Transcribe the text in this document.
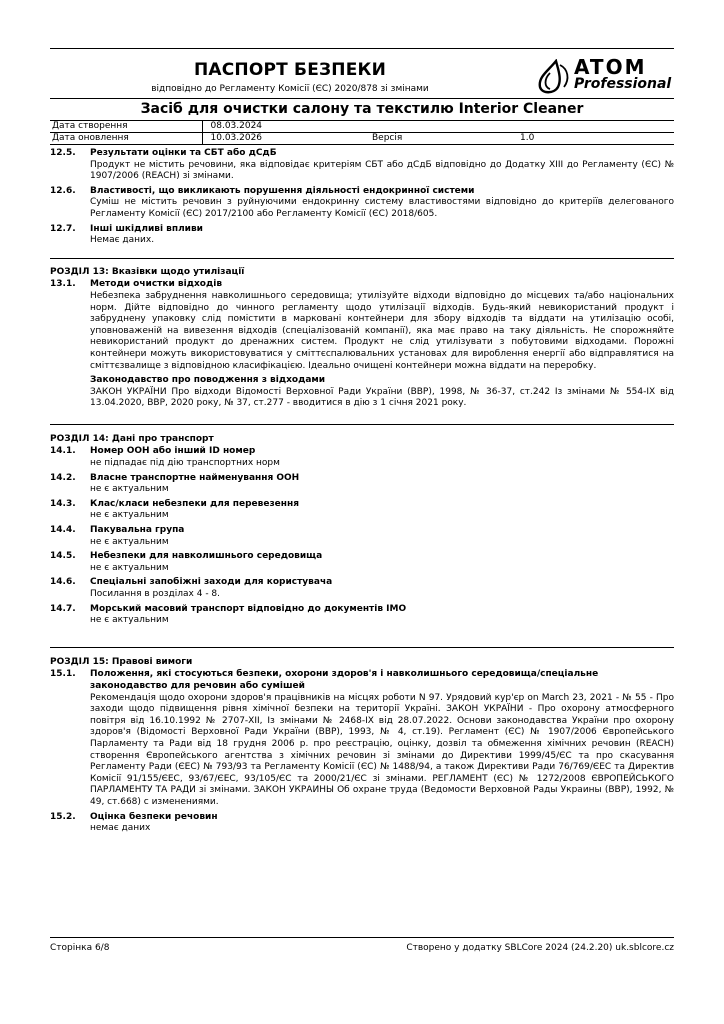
ПАСПОРТ БЕЗПЕКИ
відповідно до Регламенту Комісії (ЄС) 2020/878 зі змінами
ATOM
Professional
Засіб для очистки салону та текстилю Interior Cleaner
Дата створення	08.03.2024		
Дата оновлення	10.03.2026	Версія	1.0
12.5.	Результати оцінки та СБТ або дСдБ
Продукт не містить речовини, яка відповідає критеріям СБТ або дСдБ відповідно до Додатку XIII до Регламенту (ЄС) № 1907/2006 (REACH) зі змінами.
12.6.	Властивості, що викликають порушення діяльності ендокринної системи
Суміш не містить речовин з руйнуючими ендокринну систему властивостями відповідно до критеріїв делегованого Регламенту Комісії (ЄС) 2017/2100 або Регламенту Комісії (ЄС) 2018/605.
12.7.	Інші шкідливі впливи
Немає даних.
РОЗДІЛ 13: Вказівки щодо утилізації
13.1.	Методи очистки відходів
Небезпека забруднення навколишнього середовища; утилізуйте відходи відповідно до місцевих та/або національних норм. Дійте відповідно до чинного регламенту щодо утилізації відходів. Будь-який невикористаний продукт і забруднену упаковку слід помістити в марковані контейнери для збору відходів та віддати на утилізацію особі, уповноваженій на вивезення відходів (спеціалізованій компанії), яка має право на таку діяльність. Не спорожняйте невикористаний продукт до дренажних систем. Продукт не слід утилізувати з побутовими відходами. Порожні контейнери можуть використовуватися у сміттєспалювальних установах для вироблення енергії або відправлятися на сміттєзвалище з відповідною класифікацією. Ідеально очищені контейнери можна віддати на переробку.
Законодавство про поводження з відходами
ЗАКОН УКРАЇНИ Про відходи Відомості Верховної Ради України (ВВР), 1998, № 36-37, ст.242 Із змінами № 554-IX від 13.04.2020, ВВР, 2020 року, № 37, ст.277 - вводитися в дію з 1 січня 2021 року.
РОЗДІЛ 14: Дані про транспорт
14.1.	Номер ООН або інший ID номер
не підпадає під дію транспортних норм
14.2.	Власне транспортне найменування ООН
не є актуальним
14.3.	Клас/класи небезпеки для перевезення
не є актуальним
14.4.	Пакувальна група
не є актуальним
14.5.	Небезпеки для навколишнього середовища
не є актуальним
14.6.	Спеціальні запобіжні заходи для користувача
Посилання в розділах 4 - 8.
14.7.	Морський масовий транспорт відповідно до документів IMO
не є актуальним
РОЗДІЛ 15: Правові вимоги
15.1.	Положення, які стосуються безпеки, охорони здоров'я і навколишнього середовища/спеціальне законодавство для речовин або сумішей
Рекомендація щодо охорони здоров'я працівників на місцях роботи N 97. Урядовий кур'єр on March 23, 2021 - № 55 - Про заходи щодо підвищення рівня хімічної безпеки на території Україні. ЗАКОН УКРАЇНИ - Про охорону атмосферного повітря від 16.10.1992 № 2707-XII, Із змінами № 2468-IX від 28.07.2022. Основи законодавства України про охорону здоров'я (Відомості Верховної Ради України (ВВР), 1993, № 4, ст.19). Регламент (ЄС) № 1907/2006 Європейського Парламенту та Ради від 18 грудня 2006 р. про реєстрацію, оцінку, дозвіл та обмеження хімічних речовин (REACH) створення Європейського агентства з хімічних речовин зі змінами до Директиви 1999/45/ЄС та про скасування Регламенту Ради (ЄЕС) № 793/93 та Регламенту Комісії (ЄС) № 1488/94, а також Директиви Ради 76/769/ЄЕС та Директив Комісії 91/155/ЄЕС, 93/67/ЄЕС, 93/105/ЄС та 2000/21/ЄС зі змінами. РЕГЛАМЕНТ (ЄС) № 1272/2008 ЄВРОПЕЙСЬКОГО ПАРЛАМЕНТУ ТА РАДИ зі змінами. ЗАКОН УКРАИНЫ Об охране труда (Ведомости Верховной Рады Украины (ВВР), 1992, № 49, ст.668) с изменениями.
15.2.	Оцінка безпеки речовин
немає даних
Сторінка 6/8	Створено у додатку SBLCore 2024 (24.2.20) uk.sblcore.cz
